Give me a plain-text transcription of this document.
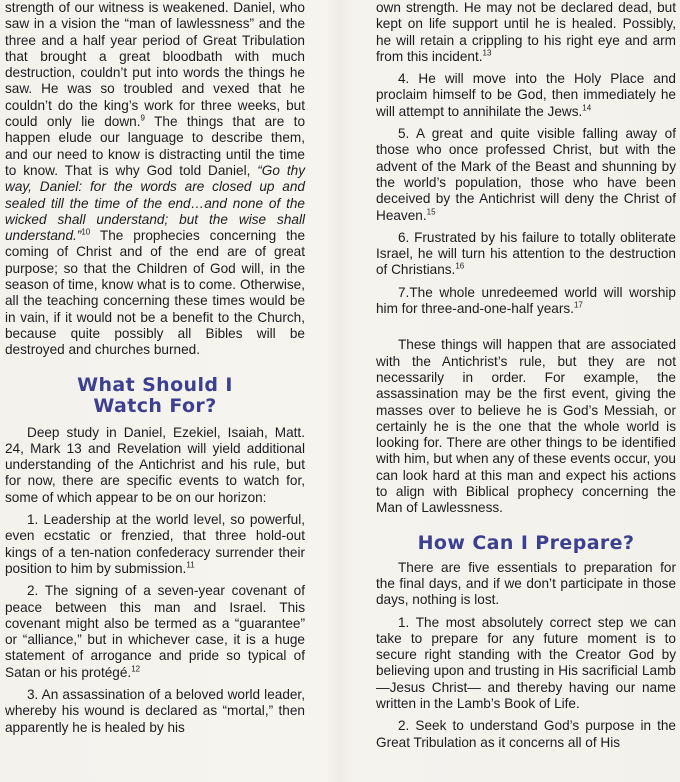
strength of our witness is weakened. Daniel, who saw in a vision the “man of lawlessness” and the three and a half year period of Great Tribulation that brought a great bloodbath with much destruction, couldn’t put into words the things he saw. He was so troubled and vexed that he couldn’t do the king’s work for three weeks, but could only lie down.$^9$ The things that are to happen elude our language to describe them, and our need to know is distracting until the time to know. That is why God told Daniel, “Go thy way, Daniel: for the words are closed up and sealed till the time of the end…and none of the wicked shall understand; but the wise shall understand.”$^{10}$ The prophecies concerning the coming of Christ and of the end are of great purpose; so that the Children of God will, in the season of time, know what is to come. Otherwise, all the teaching concerning these times would be in vain, if it would not be a benefit to the Church, because quite possibly all Bibles will be destroyed and churches burned.

What Should I
Watch For?

Deep study in Daniel, Ezekiel, Isaiah, Matt. 24, Mark 13 and Revelation will yield additional understanding of the Antichrist and his rule, but for now, there are specific events to watch for, some of which appear to be on our horizon:

1. Leadership at the world level, so powerful, even ecstatic or frenzied, that three hold-out kings of a ten-nation confederacy surrender their position to him by submission.$^{11}$

2. The signing of a seven-year covenant of peace between this man and Israel. This covenant might also be termed as a “guarantee” or “alliance,” but in whichever case, it is a huge statement of arrogance and pride so typical of Satan or his protégé.$^{12}$

3. An assassination of a beloved world leader, whereby his wound is declared as “mortal,” then apparently he is healed by his

own strength. He may not be declared dead, but kept on life support until he is healed. Possibly, he will retain a crippling to his right eye and arm from this incident.$^{13}$

4. He will move into the Holy Place and proclaim himself to be God, then immediately he will attempt to annihilate the Jews.$^{14}$

5. A great and quite visible falling away of those who once professed Christ, but with the advent of the Mark of the Beast and shunning by the world’s population, those who have been deceived by the Antichrist will deny the Christ of Heaven.$^{15}$

6. Frustrated by his failure to totally obliterate Israel, he will turn his attention to the destruction of Christians.$^{16}$

7.The whole unredeemed world will worship him for three-and-one-half years.$^{17}$

These things will happen that are associated with the Antichrist’s rule, but they are not necessarily in order. For example, the assassination may be the first event, giving the masses over to believe he is God’s Messiah, or certainly he is the one that the whole world is looking for. There are other things to be identified with him, but when any of these events occur, you can look hard at this man and expect his actions to align with Biblical prophecy concerning the Man of Lawlessness.

How Can I Prepare?

There are five essentials to preparation for the final days, and if we don’t participate in those days, nothing is lost.

1. The most absolutely correct step we can take to prepare for any future moment is to secure right standing with the Creator God by believing upon and trusting in His sacrificial Lamb—Jesus Christ— and thereby having our name written in the Lamb’s Book of Life.

2. Seek to understand God’s purpose in the Great Tribulation as it concerns all of His
